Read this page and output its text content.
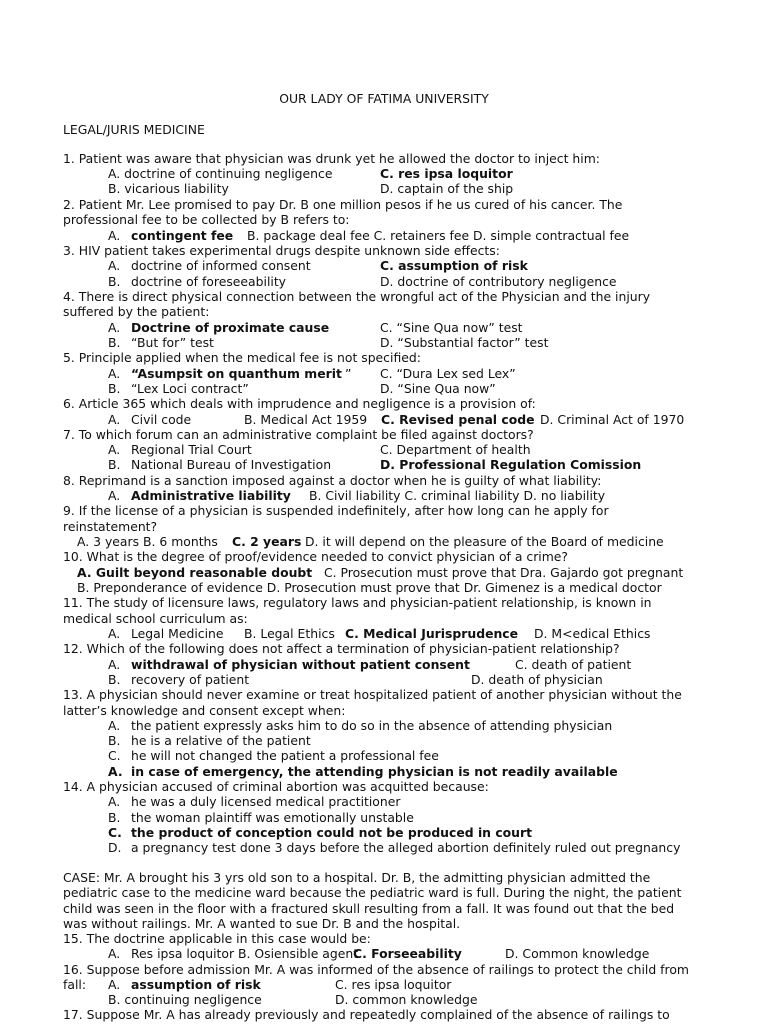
OUR LADY OF FATIMA UNIVERSITY
LEGAL/JURIS MEDICINE
1. Patient was aware that physician was drunk yet he allowed the doctor to inject him:
A. doctrine of continuing negligence	C. res ipsa loquitor
B. vicarious liability	D. captain of the ship
2. Patient Mr. Lee promised to pay Dr. B one million pesos if he us cured of his cancer. The
professional fee to be collected by B refers to:
A. contingent fee B. package deal fee C. retainers fee D. simple contractual fee
3. HIV patient takes experimental drugs despite unknown side effects:
A. doctrine of informed consent	C. assumption of risk
B. doctrine of foreseeability	D. doctrine of contributory negligence
4. There is direct physical connection between the wrongful act of the Physician and the injury
suffered by the patient:
A. Doctrine of proximate cause	C. “Sine Qua now” test
B. “But for” test	D. “Substantial factor” test
5. Principle applied when the medical fee is not specified:
A. “Asumpsit on quanthum merit ” C. “Dura Lex sed Lex”
B. “Lex Loci contract”	D. “Sine Qua now”
6. Article 365 which deals with imprudence and negligence is a provision of:
A. Civil code	B. Medical Act 1959 C. Revised penal code D. Criminal Act of 1970
7. To which forum can an administrative complaint be filed against doctors?
A. Regional Trial Court	C. Department of health
B. National Bureau of Investigation	D. Professional Regulation Comission
8. Reprimand is a sanction imposed against a doctor when he is guilty of what liability:
A. Administrative liability B. Civil liability C. criminal liability D. no liability
9. If the license of a physician is suspended indefinitely, after how long can he apply for
reinstatement?
A. 3 years B. 6 months C. 2 years D. it will depend on the pleasure of the Board of medicine
10. What is the degree of proof/evidence needed to convict physician of a crime?
A. Guilt beyond reasonable doubt C. Prosecution must prove that Dra. Gajardo got pregnant
B. Preponderance of evidence D. Prosecution must prove that Dr. Gimenez is a medical doctor
11. The study of licensure laws, regulatory laws and physician-patient relationship, is known in
medical school curriculum as:
A. Legal Medicine B. Legal Ethics C. Medical Jurisprudence D. M<edical Ethics
12. Which of the following does not affect a termination of physician-patient relationship?
A. withdrawal of physician without patient consent	C. death of patient
B. recovery of patient	D. death of physician
13. A physician should never examine or treat hospitalized patient of another physician without the
latter’s knowledge and consent except when:
A. the patient expressly asks him to do so in the absence of attending physician
B. he is a relative of the patient
C. he will not changed the patient a professional fee
A. in case of emergency, the attending physician is not readily available
14. A physician accused of criminal abortion was acquitted because:
A. he was a duly licensed medical practitioner
B. the woman plaintiff was emotionally unstable
C. the product of conception could not be produced in court
D. a pregnancy test done 3 days before the alleged abortion definitely ruled out pregnancy
CASE: Mr. A brought his 3 yrs old son to a hospital. Dr. B, the admitting physician admitted the
pediatric case to the medicine ward because the pediatric ward is full. During the night, the patient
child was seen in the floor with a fractured skull resulting from a fall. It was found out that the bed
was without railings. Mr. A wanted to sue Dr. B and the hospital.
15. The doctrine applicable in this case would be:
A. Res ipsa loquitor B. Osiensible agent
C. Forseeability	D. Common knowledge
16. Suppose before admission Mr. A was informed of the absence of railings to protect the child from
fall: A. assumption of risk	C. res ipsa loquitor
B. continuing negligence	D. common knowledge
17. Suppose Mr. A has already previously and repeatedly complained of the absence of railings to
